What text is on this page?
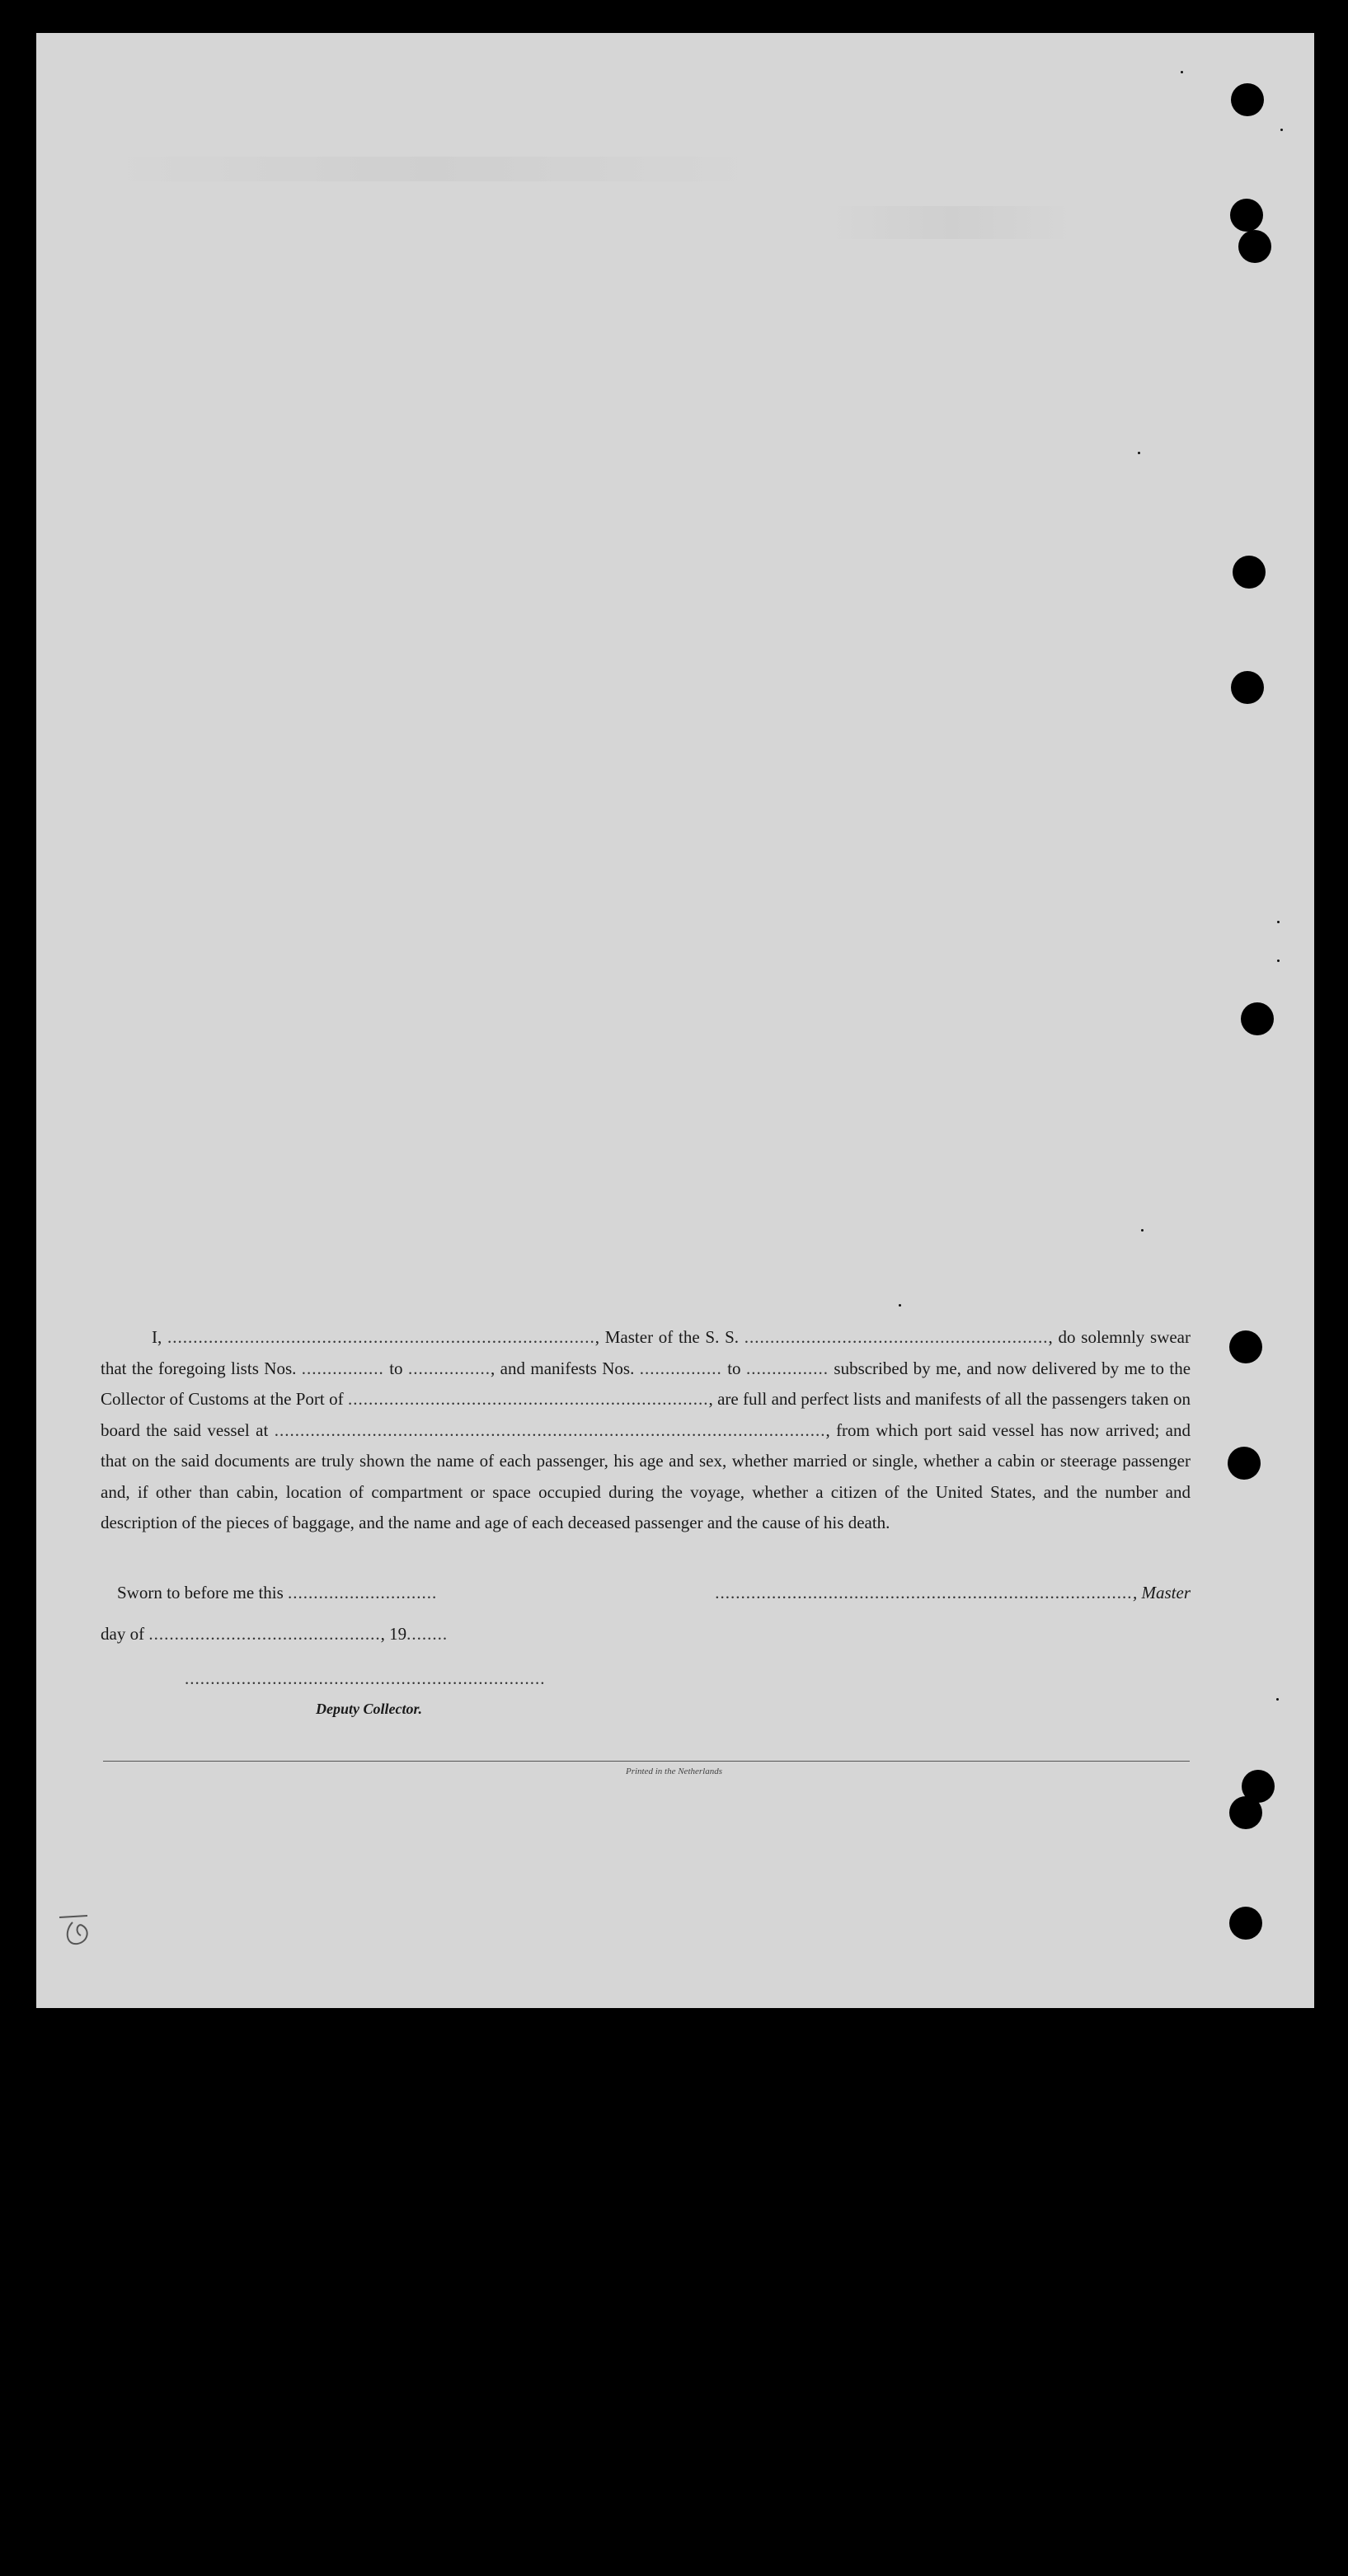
I, ..................................................................................., Master of the S. S. ..........................................................., do solemnly swear that the foregoing lists Nos. ................ to ................, and manifests Nos. ................ to ................ subscribed by me, and now delivered by me to the Collector of Customs at the Port of ......................................................................, are full and perfect lists and manifests of all the passengers taken on board the said vessel at ..........................................................................................................., from which port said vessel has now arrived; and that on the said documents are truly shown the name of each passenger, his age and sex, whether married or single, whether a cabin or steerage passenger and, if other than cabin, location of compartment or space occupied during the voyage, whether a citizen of the United States, and the number and description of the pieces of baggage, and the name and age of each deceased passenger and the cause of his death.

Sworn to before me this .............................	................................................................................., Master
day of ............................................., 19........
......................................................................
Deputy Collector.
Printed in the Netherlands
